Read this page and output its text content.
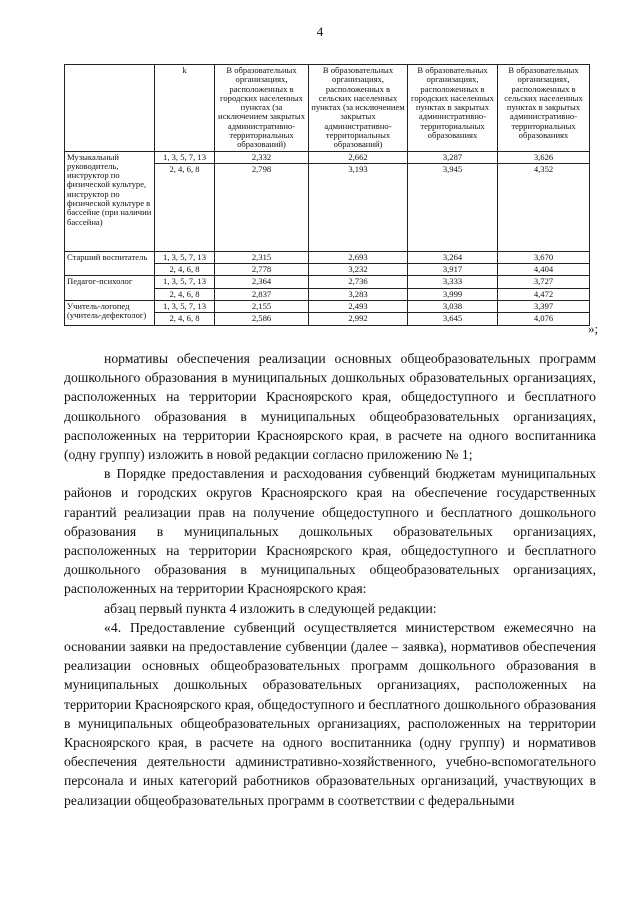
4
	k	В образовательных организациях, расположенных в городских населенных пунктах (за исключением закрытых административно-территориальных образований)	В образовательных организациях, расположенных в сельских населенных пунктах (за исключением закрытых административно-территориальных образований)	В образовательных организациях, расположенных в городских населенных пунктах в закрытых административно-территориальных образованиях	В образовательных организациях, расположенных в сельских населенных пунктах в закрытых административно-территориальных образованиях
Музыкальный руководитель, инструктор по физической культуре, инструктор по физической культуре в бассейне (при наличии бассейна)	1, 3, 5, 7, 13	2,332	2,662	3,287	3,626
	2, 4, 6, 8	2,798	3,193	3,945	4,352
Старший воспитатель	1, 3, 5, 7, 13	2,315	2,693	3,264	3,670
	2, 4, 6, 8	2,778	3,232	3,917	4,404
Педагог-психолог	1, 3, 5, 7, 13	2,364	2,736	3,333	3,727
	2, 4, 6, 8	2,837	3,283	3,999	4,472
Учитель-логопед (учитель-дефектолог)	1, 3, 5, 7, 13	2,155	2,493	3,038	3,397
	2, 4, 6, 8	2,586	2,992	3,645	4,076
»;

нормативы обеспечения реализации основных общеобразовательных программ дошкольного образования в муниципальных дошкольных образовательных организациях, расположенных на территории Красноярского края, общедоступного и бесплатного дошкольного образования в муниципальных общеобразовательных организациях, расположенных на территории Красноярского края, в расчете на одного воспитанника (одну группу) изложить в новой редакции согласно приложению № 1;

в Порядке предоставления и расходования субвенций бюджетам муниципальных районов и городских округов Красноярского края на обеспечение государственных гарантий реализации прав на получение общедоступного и бесплатного дошкольного образования в муниципальных дошкольных образовательных организациях, расположенных на территории Красноярского края, общедоступного и бесплатного дошкольного образования в муниципальных общеобразовательных организациях, расположенных на территории Красноярского края:

абзац первый пункта 4 изложить в следующей редакции:

«4. Предоставление субвенций осуществляется министерством ежемесячно на основании заявки на предоставление субвенции (далее – заявка), нормативов обеспечения реализации основных общеобразовательных программ дошкольного образования в муниципальных дошкольных образовательных организациях, расположенных на территории Красноярского края, общедоступного и бесплатного дошкольного образования в муниципальных общеобразовательных организациях, расположенных на территории Красноярского края, в расчете на одного воспитанника (одну группу) и нормативов обеспечения деятельности административно-хозяйственного, учебно-вспомогательного персонала и иных категорий работников образовательных организаций, участвующих в реализации общеобразовательных программ в соответствии с федеральными
